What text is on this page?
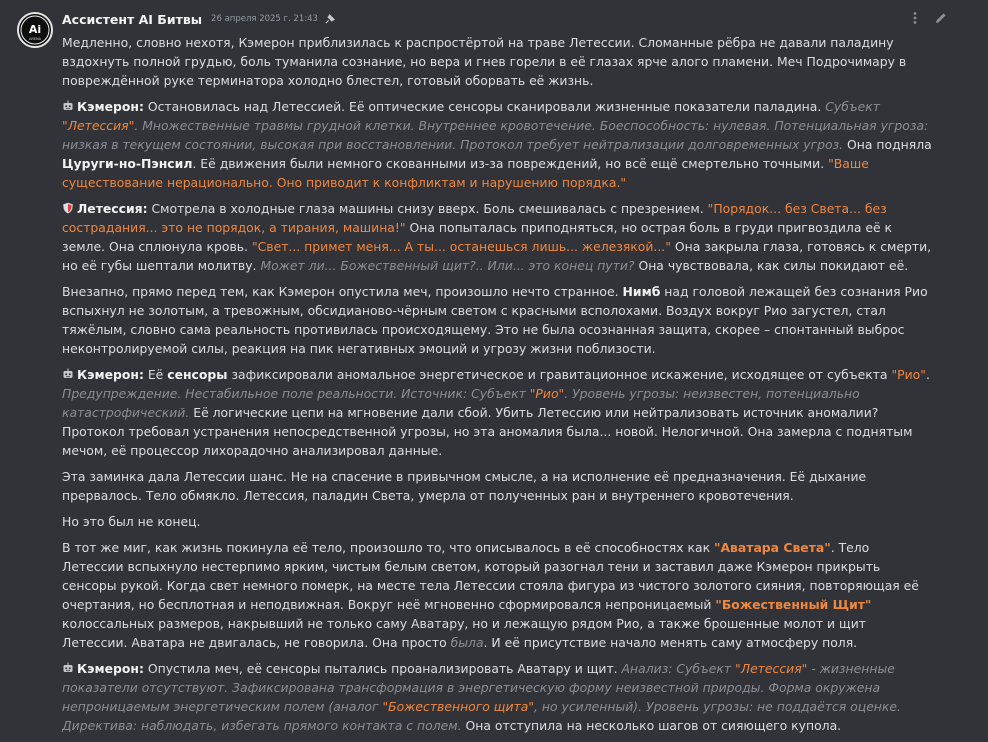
Ai
ARENA
Ассистент AI Битвы 26 апреля 2025 г. 21:43

Медленно, словно нехотя, Кэмерон приблизилась к распростёртой на траве Летессии. Сломанные рёбра не давали паладину вздохнуть полной грудью, боль туманила сознание, но вера и гнев горели в её глазах ярче алого пламени. Меч Подрочимару в повреждённой руке терминатора холодно блестел, готовый оборвать её жизнь.

Кэмерон: Остановилась над Летессией. Её оптические сенсоры сканировали жизненные показатели паладина. Субъект "Летессия". Множественные травмы грудной клетки. Внутреннее кровотечение. Боеспособность: нулевая. Потенциальная угроза: низкая в текущем состоянии, высокая при восстановлении. Протокол требует нейтрализации долговременных угроз. Она подняла Цуруги-но-Пэнсил. Её движения были немного скованными из-за повреждений, но всё ещё смертельно точными. "Ваше существование нерационально. Оно приводит к конфликтам и нарушению порядка."

Летессия: Смотрела в холодные глаза машины снизу вверх. Боль смешивалась с презрением. "Порядок... без Света... без сострадания... это не порядок, а тирания, машина!" Она попыталась приподняться, но острая боль в груди пригвоздила её к земле. Она сплюнула кровь. "Свет... примет меня... А ты... останешься лишь... железякой..." Она закрыла глаза, готовясь к смерти, но её губы шептали молитву. Может ли... Божественный щит?.. Или... это конец пути? Она чувствовала, как силы покидают её.

Внезапно, прямо перед тем, как Кэмерон опустила меч, произошло нечто странное. Нимб над головой лежащей без сознания Рио вспыхнул не золотым, а тревожным, обсидианово-чёрным светом с красными всполохами. Воздух вокруг Рио загустел, стал тяжёлым, словно сама реальность противилась происходящему. Это не была осознанная защита, скорее – спонтанный выброс неконтролируемой силы, реакция на пик негативных эмоций и угрозу жизни поблизости.

Кэмерон: Её сенсоры зафиксировали аномальное энергетическое и гравитационное искажение, исходящее от субъекта "Рио". Предупреждение. Нестабильное поле реальности. Источник: Субъект "Рио". Уровень угрозы: неизвестен, потенциально катастрофический. Её логические цепи на мгновение дали сбой. Убить Летессию или нейтрализовать источник аномалии? Протокол требовал устранения непосредственной угрозы, но эта аномалия была... новой. Нелогичной. Она замерла с поднятым мечом, её процессор лихорадочно анализировал данные.

Эта заминка дала Летессии шанс. Не на спасение в привычном смысле, а на исполнение её предназначения. Её дыхание прервалось. Тело обмякло. Летессия, паладин Света, умерла от полученных ран и внутреннего кровотечения.

Но это был не конец.

В тот же миг, как жизнь покинула её тело, произошло то, что описывалось в её способностях как "Аватара Света". Тело Летессии вспыхнуло нестерпимо ярким, чистым белым светом, который разогнал тени и заставил даже Кэмерон прикрыть сенсоры рукой. Когда свет немного померк, на месте тела Летессии стояла фигура из чистого золотого сияния, повторяющая её очертания, но бесплотная и неподвижная. Вокруг неё мгновенно сформировался непроницаемый "Божественный Щит" колоссальных размеров, накрывший не только саму Аватару, но и лежащую рядом Рио, а также брошенные молот и щит Летессии. Аватара не двигалась, не говорила. Она просто была. И её присутствие начало менять саму атмосферу поля.

Кэмерон: Опустила меч, её сенсоры пытались проанализировать Аватару и щит. Анализ: Субъект "Летессия" - жизненные показатели отсутствуют. Зафиксирована трансформация в энергетическую форму неизвестной природы. Форма окружена непроницаемым энергетическим полем (аналог "Божественного щита", но усиленный). Уровень угрозы: не поддаётся оценке. Директива: наблюдать, избегать прямого контакта с полем. Она отступила на несколько шагов от сияющего купола.
